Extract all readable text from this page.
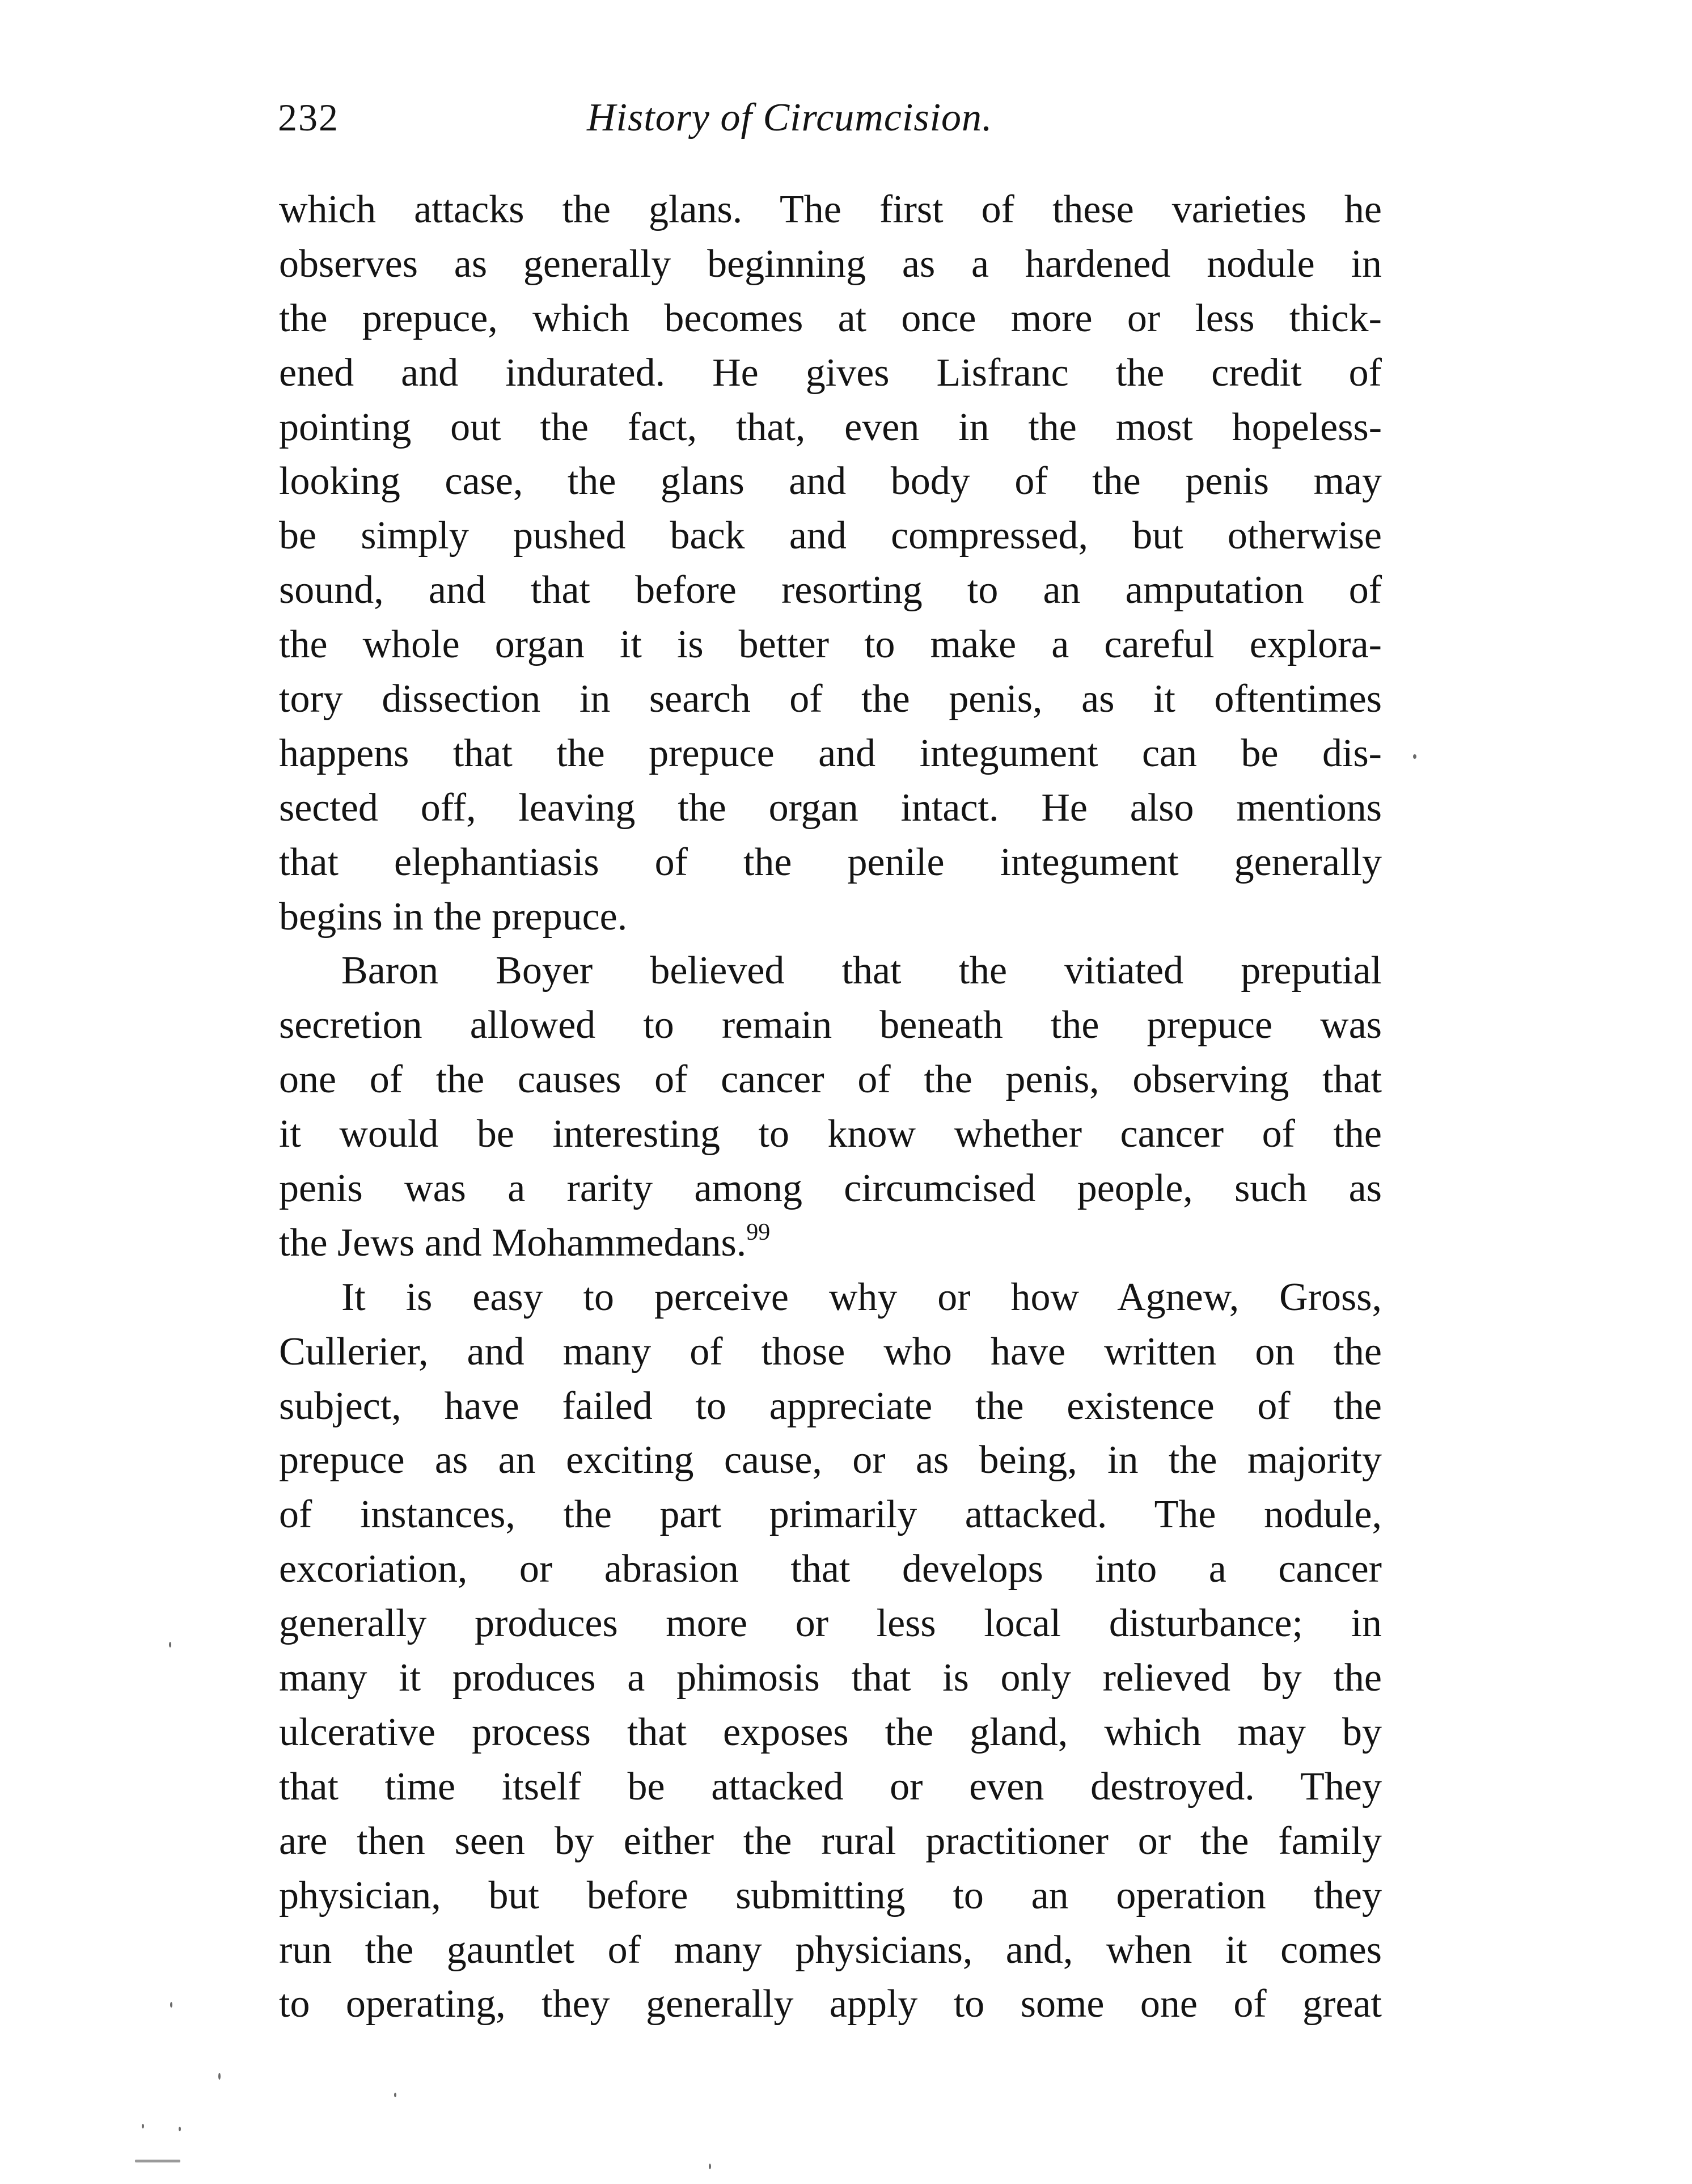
232	History of Circumcision.
which attacks the glans. The first of these varieties he
observes as generally beginning as a hardened nodule in
the prepuce, which becomes at once more or less thick-
ened and indurated. He gives Lisfranc the credit of
pointing out the fact, that, even in the most hopeless-
looking case, the glans and body of the penis may
be simply pushed back and compressed, but otherwise
sound, and that before resorting to an amputation of
the whole organ it is better to make a careful explora-
tory dissection in search of the penis, as it oftentimes
happens that the prepuce and integument can be dis-
sected off, leaving the organ intact. He also mentions
that elephantiasis of the penile integument generally
begins in the prepuce.
Baron Boyer believed that the vitiated preputial
secretion allowed to remain beneath the prepuce was
one of the causes of cancer of the penis, observing that
it would be interesting to know whether cancer of the
penis was a rarity among circumcised people, such as
the Jews and Mohammedans.$^{99}$
It is easy to perceive why or how Agnew, Gross,
Cullerier, and many of those who have written on the
subject, have failed to appreciate the existence of the
prepuce as an exciting cause, or as being, in the majority
of instances, the part primarily attacked. The nodule,
excoriation, or abrasion that develops into a cancer
generally produces more or less local disturbance; in
many it produces a phimosis that is only relieved by the
ulcerative process that exposes the gland, which may by
that time itself be attacked or even destroyed. They
are then seen by either the rural practitioner or the family
physician, but before submitting to an operation they
run the gauntlet of many physicians, and, when it comes
to operating, they generally apply to some one of great
